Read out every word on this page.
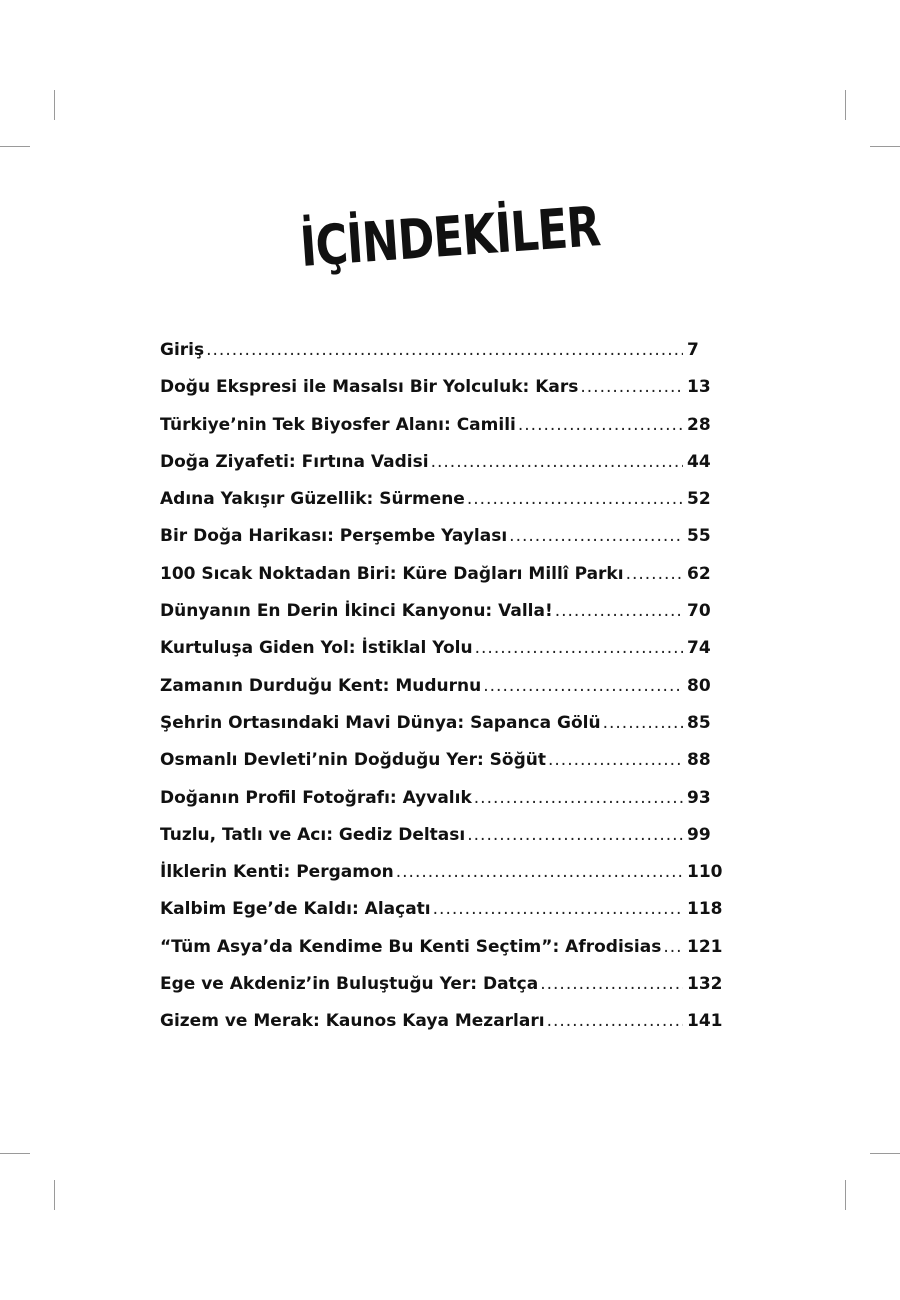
İÇİNDEKİLER
Giriş .....	7
Doğu Ekspresi ile Masalsı Bir Yolculuk: Kars .....	13
Türkiye’nin Tek Biyosfer Alanı: Camili .....	28
Doğa Ziyafeti: Fırtına Vadisi .....	44
Adına Yakışır Güzellik: Sürmene .....	52
Bir Doğa Harikası: Perşembe Yaylası .....	55
100 Sıcak Noktadan Biri: Küre Dağları Millî Parkı .....	62
Dünyanın En Derin İkinci Kanyonu: Valla! .....	70
Kurtuluşa Giden Yol: İstiklal Yolu .....	74
Zamanın Durduğu Kent: Mudurnu .....	80
Şehrin Ortasındaki Mavi Dünya: Sapanca Gölü .....	85
Osmanlı Devleti’nin Doğduğu Yer: Söğüt .....	88
Doğanın Profil Fotoğrafı: Ayvalık .....	93
Tuzlu, Tatlı ve Acı: Gediz Deltası .....	99
İlklerin Kenti: Pergamon .....	110
Kalbim Ege’de Kaldı: Alaçatı .....	118
“Tüm Asya’da Kendime Bu Kenti Seçtim”: Afrodisias ..... 121
Ege ve Akdeniz’in Buluştuğu Yer: Datça .....	132
Gizem ve Merak: Kaunos Kaya Mezarları .....	141
